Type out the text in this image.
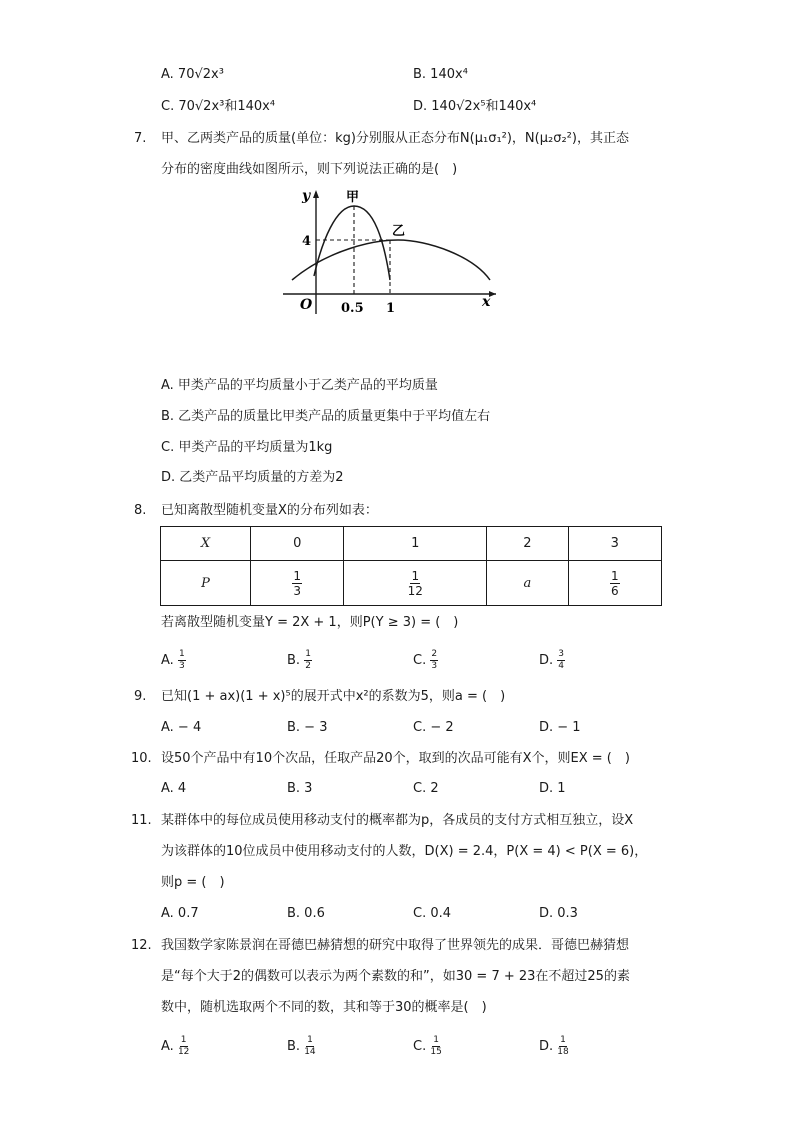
A. 70√2x³	B. 140x⁴
C. 70√2x³和140x⁴	D. 140√2x⁵和140x⁴
7. 甲、乙两类产品的质量(单位：kg)分别服从正态分布N(μ₁σ₁²)，N(μ₂σ₂²)，其正态
分布的密度曲线如图所示，则下列说法正确的是(　)
y
x
O
甲
乙
4
0.5 1
A. 甲类产品的平均质量小于乙类产品的平均质量
B. 乙类产品的质量比甲类产品的质量更集中于平均值左右
C. 甲类产品的平均质量为1kg
D. 乙类产品平均质量的方差为2
8. 已知离散型随机变量X的分布列如表：
X	0	1	2	3
P	$\frac{1}{3}$	$\frac{1}{12}$	a	$\frac{1}{6}$
若离散型随机变量Y = 2X + 1，则P(Y ≥ 3) = (　)
A. $\frac{1}{3}$	B. $\frac{1}{2}$	C. $\frac{2}{3}$	D. $\frac{3}{4}$
9. 已知(1 + ax)(1 + x)⁵的展开式中x²的系数为5，则a = (　)
A. − 4	B. − 3	C. − 2	D. − 1
10. 设50个产品中有10个次品，任取产品20个，取到的次品可能有X个，则EX = (　)
A. 4	B. 3	C. 2	D. 1
11. 某群体中的每位成员使用移动支付的概率都为p，各成员的支付方式相互独立，设X
为该群体的10位成员中使用移动支付的人数，D(X) = 2.4，P(X = 4) < P(X = 6)，
则p = (　)
A. 0.7	B. 0.6	C. 0.4	D. 0.3
12. 我国数学家陈景润在哥德巴赫猜想的研究中取得了世界领先的成果．哥德巴赫猜想
是“每个大于2的偶数可以表示为两个素数的和”，如30 = 7 + 23在不超过25的素
数中，随机选取两个不同的数，其和等于30的概率是(　)
A. $\frac{1}{12}$	B. $\frac{1}{14}$	C. $\frac{1}{15}$	D. $\frac{1}{18}$
